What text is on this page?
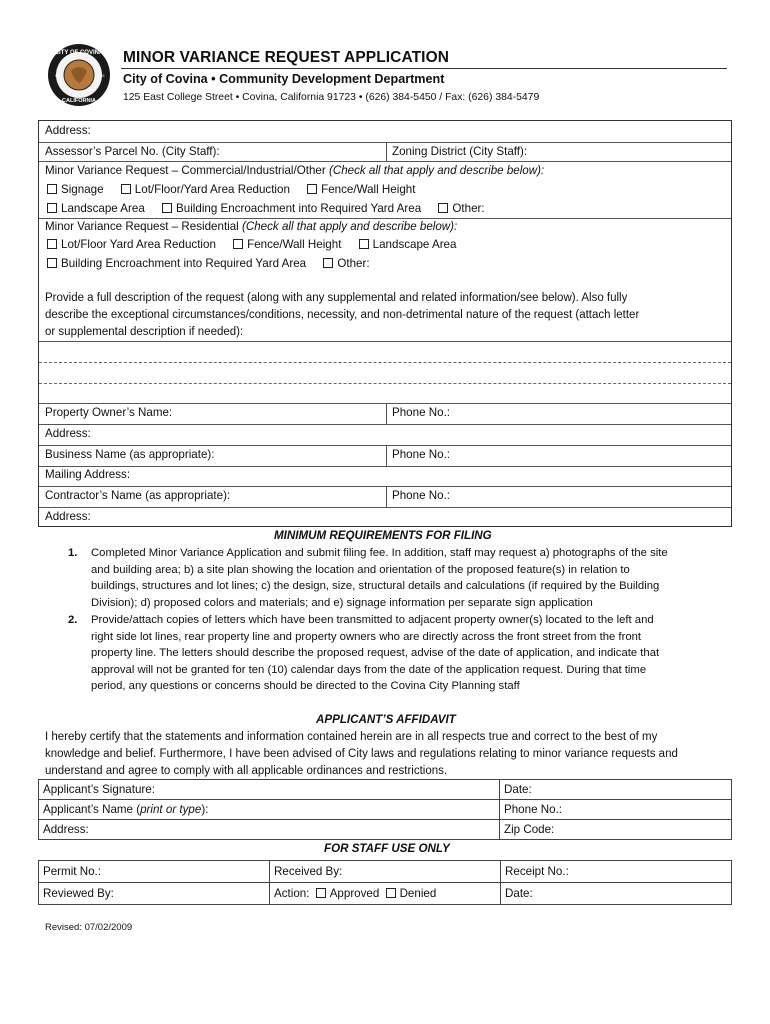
CITY OF COVINA
CALIFORNIA
INC.	1901
MINOR VARIANCE REQUEST APPLICATION
City of Covina • Community Development Department
125 East College Street • Covina, California 91723 • (626) 384-5450 / Fax: (626) 384-5479
Address:
Assessor’s Parcel No. (City Staff):	Zoning District (City Staff):
Minor Variance Request – Commercial/Industrial/Other (Check all that apply and describe below):
Signage	Lot/Floor/Yard Area Reduction	Fence/Wall Height
Landscape Area	Building Encroachment into Required Yard Area	Other:
Minor Variance Request – Residential (Check all that apply and describe below):
Lot/Floor Yard Area Reduction	Fence/Wall Height	Landscape Area
Building Encroachment into Required Yard Area	Other:
Provide a full description of the request (along with any supplemental and related information/see below). Also fully
describe the exceptional circumstances/conditions, necessity, and non-detrimental nature of the request (attach letter
or supplemental description if needed):
Property Owner’s Name:	Phone No.:
Address:
Business Name (as appropriate):	Phone No.:
Mailing Address:
Contractor’s Name (as appropriate):	Phone No.:
Address:
MINIMUM REQUIREMENTS FOR FILING
1. Completed Minor Variance Application and submit filing fee. In addition, staff may request a) photographs of the site
and building area; b) a site plan showing the location and orientation of the proposed feature(s) in relation to
buildings, structures and lot lines; c) the design, size, structural details and calculations (if required by the Building
Division); d) proposed colors and materials; and e) signage information per separate sign application
2. Provide/attach copies of letters which have been transmitted to adjacent property owner(s) located to the left and
right side lot lines, rear property line and property owners who are directly across the front street from the front
property line. The letters should describe the proposed request, advise of the date of application, and indicate that
approval will not be granted for ten (10) calendar days from the date of the application request. During that time
period, any questions or concerns should be directed to the Covina City Planning staff
APPLICANT’S AFFIDAVIT
I hereby certify that the statements and information contained herein are in all respects true and correct to the best of my
knowledge and belief. Furthermore, I have been advised of City laws and regulations relating to minor variance requests and
understand and agree to comply with all applicable ordinances and restrictions.
Applicant’s Signature:	Date:
Applicant’s Name (print or type):	Phone No.:
Address:	Zip Code:
FOR STAFF USE ONLY
Permit No.:	Received By:	Receipt No.:
Reviewed By:	Action: Approved Denied	Date:
Revised: 07/02/2009
